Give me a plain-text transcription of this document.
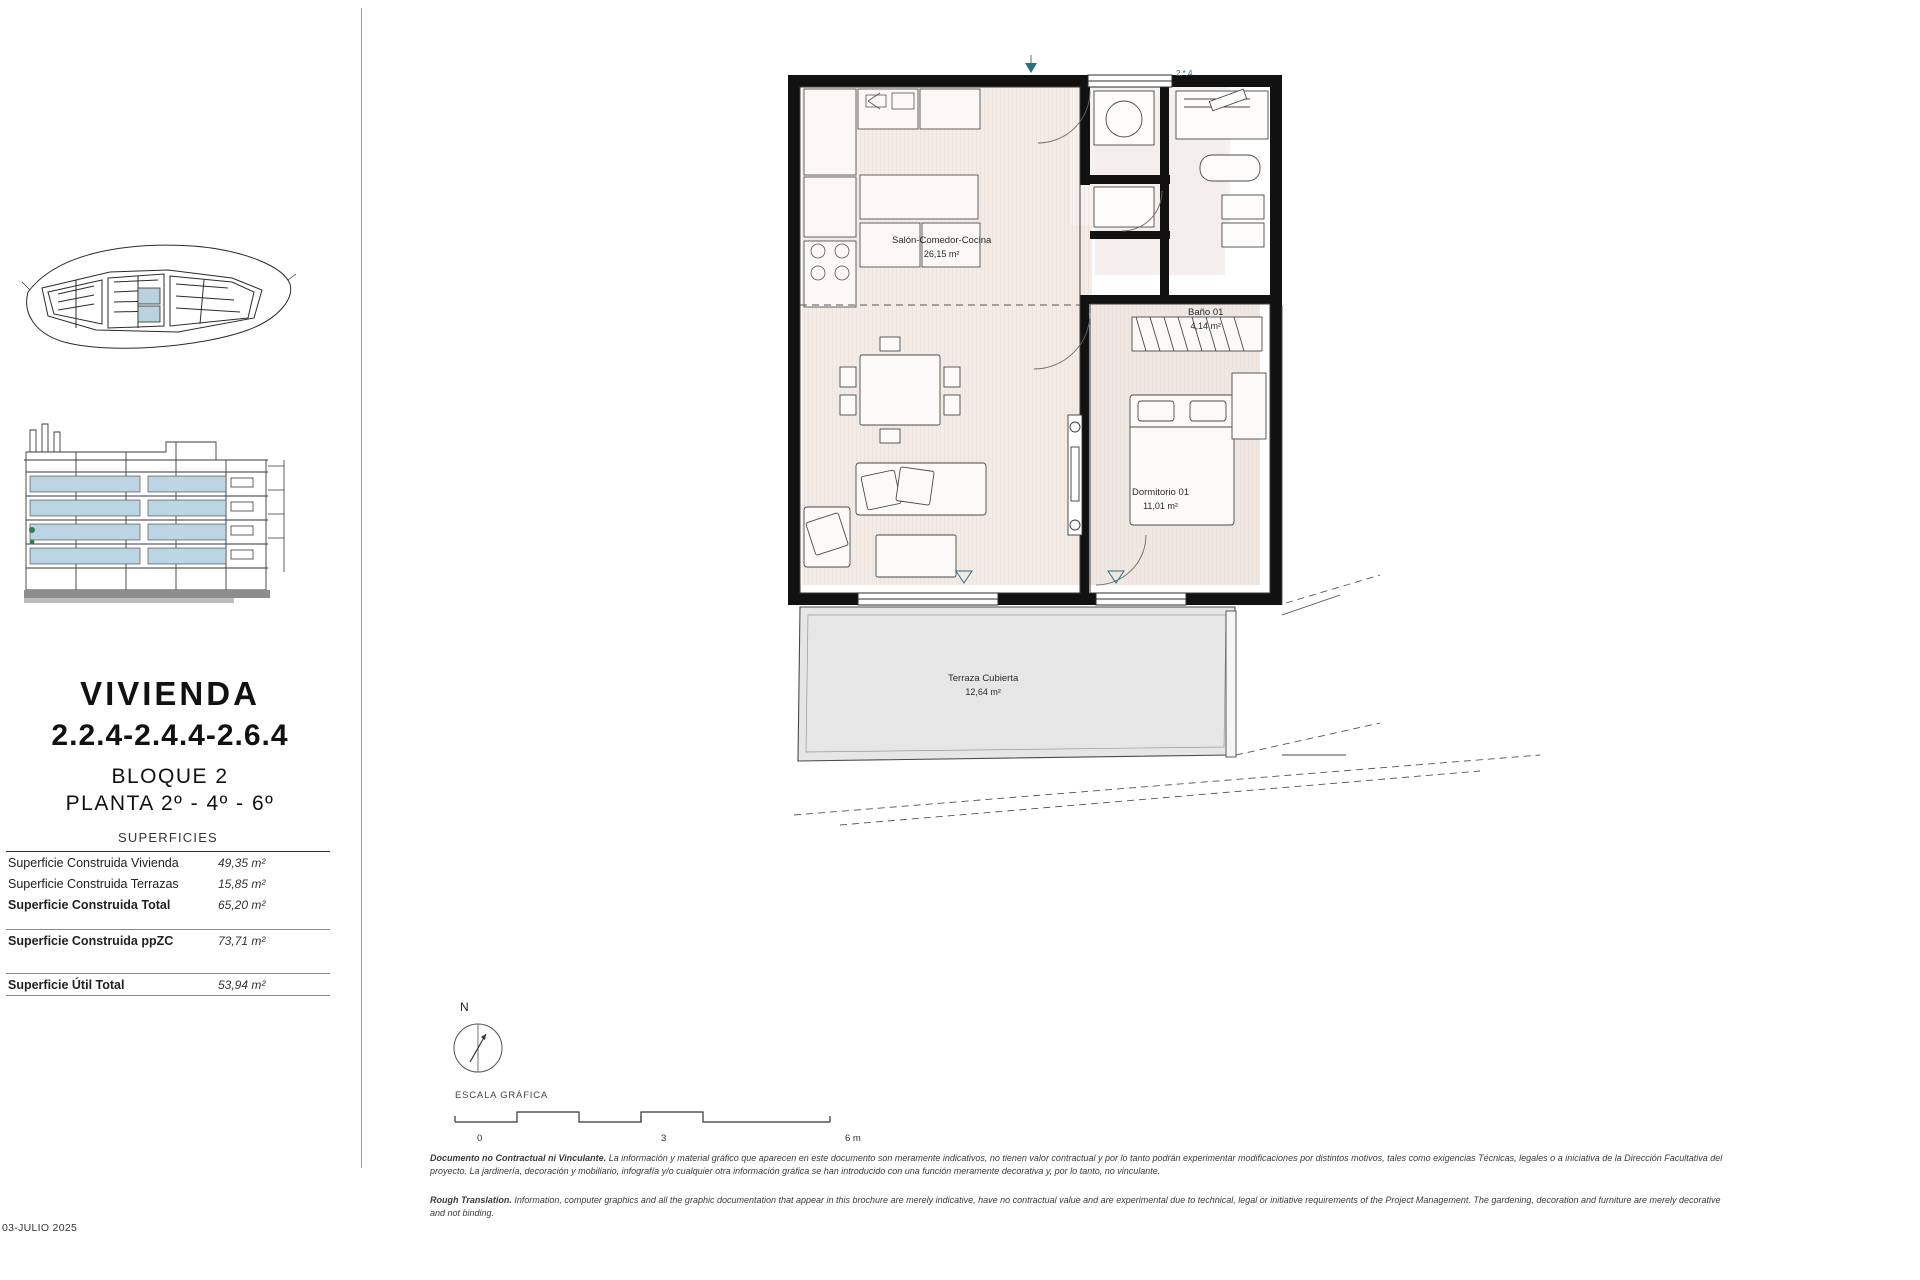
VIVIENDA
2.2.4-2.4.4-2.6.4
BLOQUE 2
PLANTA 2º - 4º - 6º
SUPERFICIES
Superficie Construida Vivienda	49,35 m²
Superficie Construida Terrazas	15,85 m²
Superficie Construida Total	65,20 m²
Superficie Construida ppZC	73,71 m²
Superficie Útil Total	53,94 m²
03-JULIO 2025
2.*.4
Salón-Comedor-Cocina
26,15 m²
Baño 01
4,14 m²
Dormitorio 01
11,01 m²
Terraza Cubierta
12,64 m²
N
ESCALA GRÁFICA
0	3	6 m

Documento no Contractual ni Vinculante. La información y material gráfico que aparecen en este documento son meramente indicativos, no tienen valor contractual y por lo tanto podrán experimentar modificaciones por distintos motivos, tales como exigencias Técnicas, legales o a iniciativa de la Dirección Facultativa del proyecto. La jardinería, decoración y mobiliario, infografía y/o cualquier otra información gráfica se han introducido con una función meramente decorativa y, por lo tanto, no vinculante.

Rough Translation. Information, computer graphics and all the graphic documentation that appear in this brochure are merely indicative, have no contractual value and are experimental due to technical, legal or initiative requirements of the Project Management. The gardening, decoration and furniture are merely decorative and not binding.
